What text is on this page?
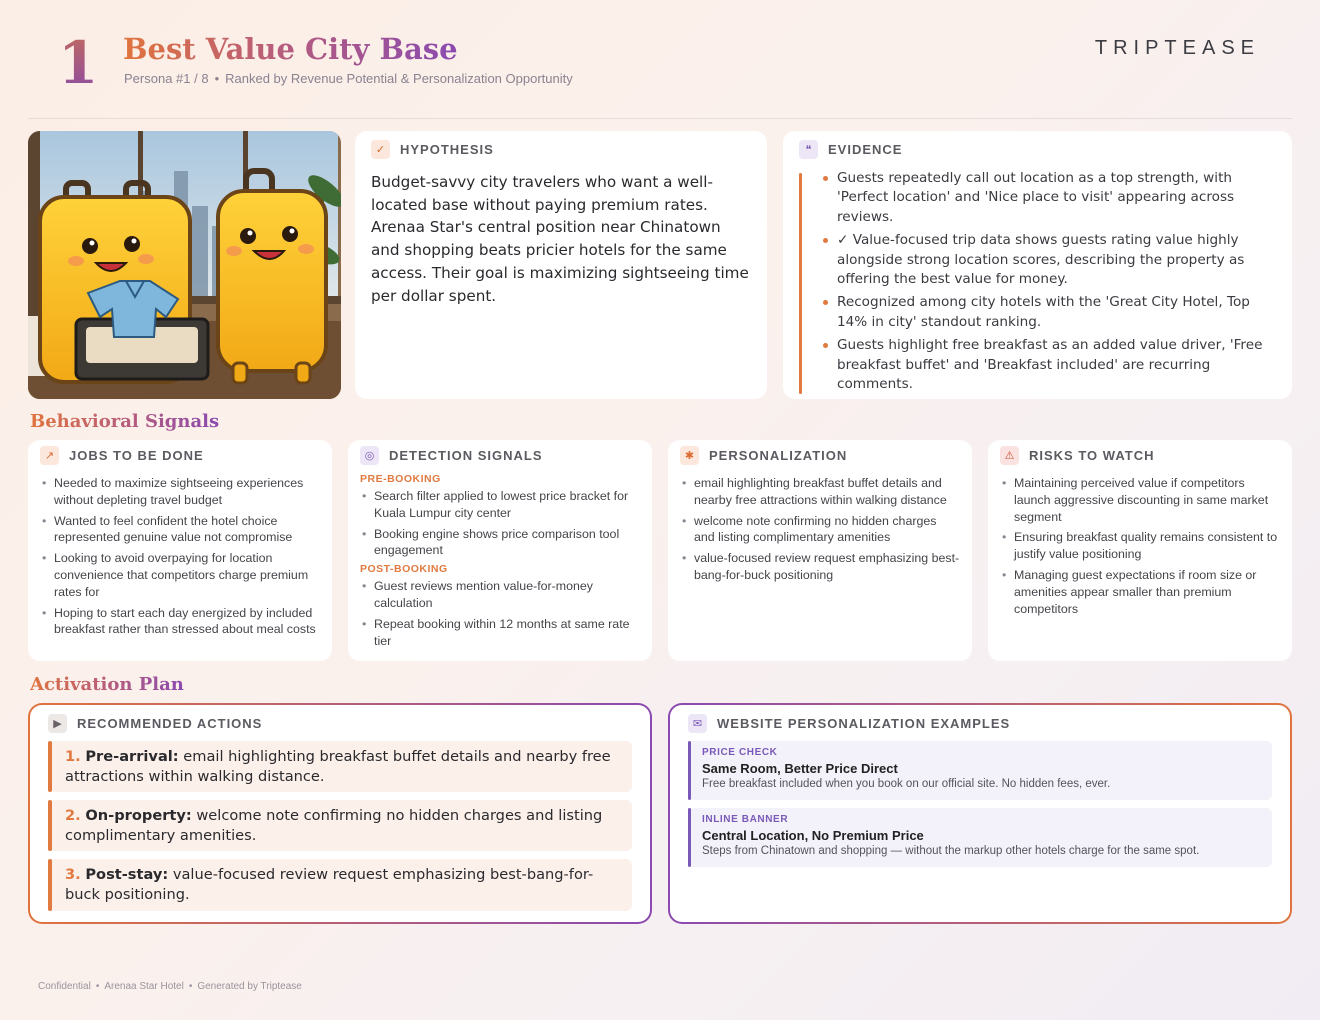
1 Best Value City Base
Persona #1 / 8 • Ranked by Revenue Potential & Personalization Opportunity
TRIPTEASE
✓	HYPOTHESIS
Budget-savvy city travelers who want a well-located base without paying premium rates. Arenaa Star's central position near Chinatown and shopping beats pricier hotels for the same access. Their goal is maximizing sightseeing time per dollar spent.
❝	EVIDENCE
Guests repeatedly call out location as a top strength, with 'Perfect location' and 'Nice place to visit' appearing across reviews.
✓ Value-focused trip data shows guests rating value highly alongside strong location scores, describing the property as offering the best value for money.
Recognized among city hotels with the 'Great City Hotel, Top 14% in city' standout ranking.
Guests highlight free breakfast as an added value driver, 'Free breakfast buffet' and 'Breakfast included' are recurring comments.
Behavioral Signals
↗	JOBS TO BE DONE
• Needed to maximize sightseeing experiences without depleting travel budget
• Wanted to feel confident the hotel choice represented genuine value not compromise
• Looking to avoid overpaying for location convenience that competitors charge premium rates for
• Hoping to start each day energized by included breakfast rather than stressed about meal costs
◎	DETECTION SIGNALS
PRE-BOOKING
• Search filter applied to lowest price bracket for Kuala Lumpur city center
• Booking engine shows price comparison tool engagement
POST-BOOKING
• Guest reviews mention value-for-money calculation
• Repeat booking within 12 months at same rate tier
✱	PERSONALIZATION
• email highlighting breakfast buffet details and nearby free attractions within walking distance
• welcome note confirming no hidden charges and listing complimentary amenities
• value-focused review request emphasizing best-bang-for-buck positioning
⚠	RISKS TO WATCH
• Maintaining perceived value if competitors launch aggressive discounting in same market segment
• Ensuring breakfast quality remains consistent to justify value positioning
• Managing guest expectations if room size or amenities appear smaller than premium competitors
Activation Plan
▶	RECOMMENDED ACTIONS
1. Pre-arrival: email highlighting breakfast buffet details and nearby free attractions within walking distance.
2. On-property: welcome note confirming no hidden charges and listing complimentary amenities.
3. Post-stay: value-focused review request emphasizing best-bang-for-buck positioning.
✉	WEBSITE PERSONALIZATION EXAMPLES
PRICE CHECK
Same Room, Better Price Direct
Free breakfast included when you book on our official site. No hidden fees, ever.
INLINE BANNER
Central Location, No Premium Price
Steps from Chinatown and shopping — without the markup other hotels charge for the same spot.
Confidential • Arenaa Star Hotel • Generated by Triptease
